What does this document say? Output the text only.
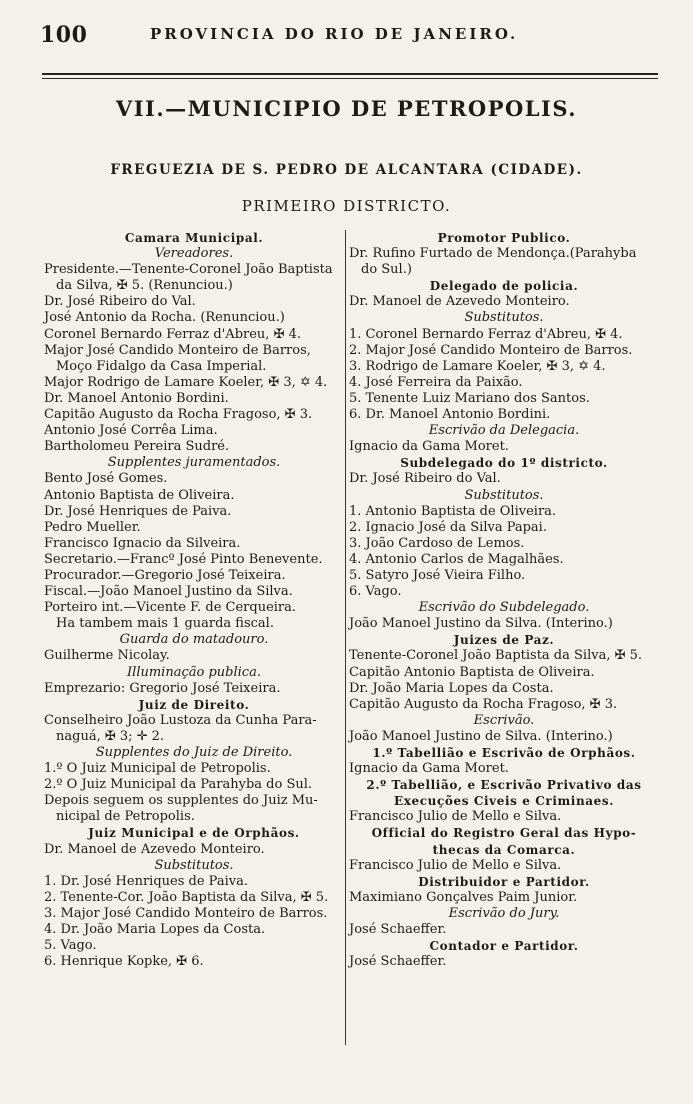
100	PROVINCIA DO RIO DE JANEIRO.
VII.—MUNICIPIO DE PETROPOLIS.
FREGUEZIA DE S. PEDRO DE ALCANTARA (CIDADE).
PRIMEIRO DISTRICTO.
Camara Municipal.
Vereadores.
Presidente.—Tenente-Coronel João Baptista
da Silva, ✠ 5. (Renunciou.)
Dr. José Ribeiro do Val.
José Antonio da Rocha. (Renunciou.)
Coronel Bernardo Ferraz d'Abreu, ✠ 4.
Major José Candido Monteiro de Barros,
Moço Fidalgo da Casa Imperial.
Major Rodrigo de Lamare Koeler, ✠ 3, ✡ 4.
Dr. Manoel Antonio Bordini.
Capitão Augusto da Rocha Fragoso, ✠ 3.
Antonio José Corrêa Lima.
Bartholomeu Pereira Sudré.
Supplentes juramentados.
Bento José Gomes.
Antonio Baptista de Oliveira.
Dr. José Henriques de Paiva.
Pedro Mueller.
Francisco Ignacio da Silveira.
Secretario.—Francº José Pinto Benevente.
Procurador.—Gregorio José Teixeira.
Fiscal.—João Manoel Justino da Silva.
Porteiro int.—Vicente F. de Cerqueira.
Ha tambem mais 1 guarda fiscal.
Guarda do matadouro.
Guilherme Nicolay.
Illuminação publica.
Emprezario: Gregorio José Teixeira.
Juiz de Direito.
Conselheiro João Lustoza da Cunha Para-
naguá, ✠ 3; ✛ 2.
Supplentes do Juiz de Direito.
1.º O Juiz Municipal de Petropolis.
2.º O Juiz Municipal da Parahyba do Sul.
Depois seguem os supplentes do Juiz Mu-
nicipal de Petropolis.
Juiz Municipal e de Orphãos.
Dr. Manoel de Azevedo Monteiro.
Substitutos.
1. Dr. José Henriques de Paiva.
2. Tenente-Cor. João Baptista da Silva, ✠ 5.
3. Major José Candido Monteiro de Barros.
4. Dr. João Maria Lopes da Costa.
5. Vago.
6. Henrique Kopke, ✠ 6.
Promotor Publico.
Dr. Rufino Furtado de Mendonça.(Parahyba
do Sul.)
Delegado de policia.
Dr. Manoel de Azevedo Monteiro.
Substitutos.
1. Coronel Bernardo Ferraz d'Abreu, ✠ 4.
2. Major José Candido Monteiro de Barros.
3. Rodrigo de Lamare Koeler, ✠ 3, ✡ 4.
4. José Ferreira da Paixão.
5. Tenente Luiz Mariano dos Santos.
6. Dr. Manoel Antonio Bordini.
Escrivão da Delegacia.
Ignacio da Gama Moret.
Subdelegado do 1º districto.
Dr. José Ribeiro do Val.
Substitutos.
1. Antonio Baptista de Oliveira.
2. Ignacio José da Silva Papai.
3. João Cardoso de Lemos.
4. Antonio Carlos de Magalhães.
5. Satyro José Vieira Filho.
6. Vago.
Escrivão do Subdelegado.
João Manoel Justino da Silva. (Interino.)
Juizes de Paz.
Tenente-Coronel João Baptista da Silva, ✠ 5.
Capitão Antonio Baptista de Oliveira.
Dr. João Maria Lopes da Costa.
Capitão Augusto da Rocha Fragoso, ✠ 3.
Escrivão.
João Manoel Justino de Silva. (Interino.)
1.º Tabellião e Escrivão de Orphãos.
Ignacio da Gama Moret.
2.º Tabellião, e Escrivão Privativo das
Execuções Civeis e Criminaes.
Francisco Julio de Mello e Silva.
Official do Registro Geral das Hypo-
thecas da Comarca.
Francisco Julio de Mello e Silva.
Distribuidor e Partidor.
Maximiano Gonçalves Paim Junior.
Escrivão do Jury.
José Schaeffer.
Contador e Partidor.
José Schaeffer.
